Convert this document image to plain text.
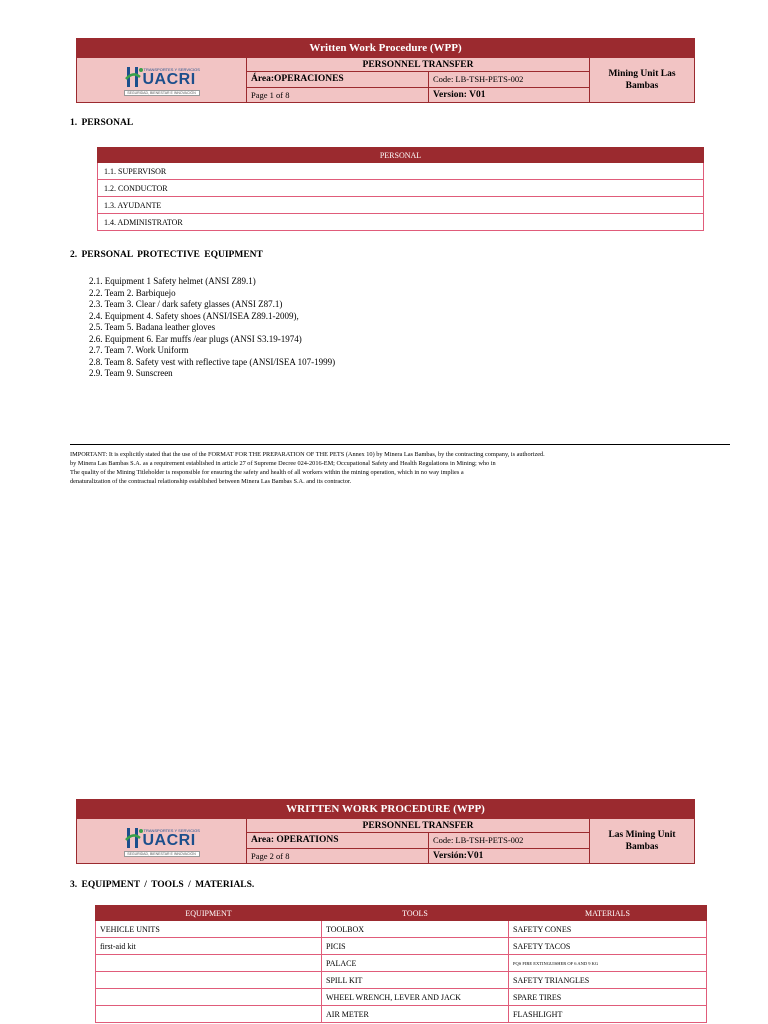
Written Work Procedure (WPP)
TRANSPORTES Y SERVICIOS
UACRI
SEGURIDAD, BIENESTAR E INNOVACIÓN
PERSONNEL TRANSFER
Área:OPERACIONES	Code: LB-TSH-PETS-002
Page 1 of 8	Version: V01
Mining Unit Las Bambas
1. PERSONAL
PERSONAL
1.1. SUPERVISOR
1.2. CONDUCTOR
1.3. AYUDANTE
1.4. ADMINISTRATOR
2. PERSONAL PROTECTIVE EQUIPMENT
2.1. Equipment 1 Safety helmet (ANSI Z89.1)
2.2. Team 2. Barbiquejo
2.3. Team 3. Clear / dark safety glasses (ANSI Z87.1)
2.4. Equipment 4. Safety shoes (ANSI/ISEA Z89.1-2009),
2.5. Team 5. Badana leather gloves
2.6. Equipment 6. Ear muffs /ear plugs (ANSI S3.19-1974)
2.7. Team 7. Work Uniform
2.8. Team 8. Safety vest with reflective tape (ANSI/ISEA 107-1999)
2.9. Team 9. Sunscreen
IMPORTANT: It is explicitly stated that the use of the FORMAT FOR THE PREPARATION OF THE PETS (Annex 10) by Minera Las Bambas, by the contracting company, is authorized.
by Minera Las Bambas S.A. as a requirement established in article 27 of Supreme Decree 024-2016-EM; Occupational Safety and Health Regulations in Mining; who in
The quality of the Mining Titleholder is responsible for ensuring the safety and health of all workers within the mining operation, which in no way implies a
denaturalization of the contractual relationship established between Minera Las Bambas S.A. and its contractor.
WRITTEN WORK PROCEDURE (WPP)
TRANSPORTES Y SERVICIOS
UACRI
SEGURIDAD, BIENESTAR E INNOVACIÓN
PERSONNEL TRANSFER
Area: OPERATIONS	Code: LB-TSH-PETS-002
Page 2 of 8	Versión:V01
Las Mining Unit Bambas
3. EQUIPMENT / TOOLS / MATERIALS.
EQUIPMENT	TOOLS	MATERIALS
VEHICLE UNITS	TOOLBOX	SAFETY CONES
first-aid kit	PICIS	SAFETY TACOS
	PALACE	PQS FIRE EXTINGUISHER OF 6 AND 9 KG
	SPILL KIT	SAFETY TRIANGLES
	WHEEL WRENCH, LEVER AND JACK	SPARE TIRES
	AIR METER	FLASHLIGHT
